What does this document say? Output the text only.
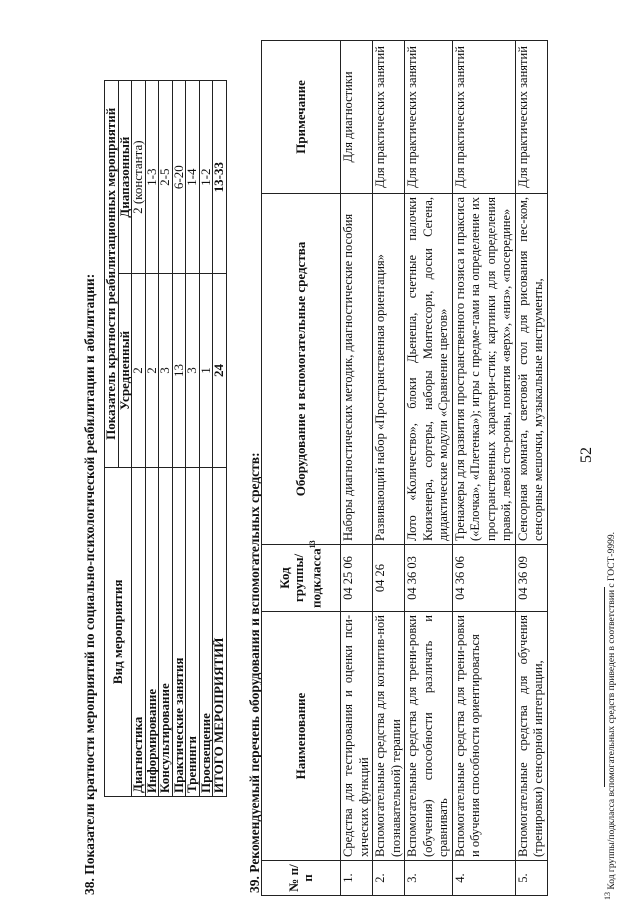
52
38. Показатели кратности мероприятий по социально-психологической реабилитации и абилитации: Вид мероприятия	Показатель кратности реабилитационных мероприятий	
	Усредненный	Диапазонный
Диагностика	2	2 (константа)
Информирование	2	1-3
Консультирование	3	2-5
Практические занятия	13	6-20
Тренинги	3	1-4
Просвещение	1	1-2
ИТОГО МЕРОПРИЯТИЙ	24	13-33
39. Рекомендуемый перечень оборудования и вспомогательных средств: № п/п	Наименование	Код группы/ подкласса$^{13}$	Оборудование и вспомогательные средства	Примечание
1.	Средства для тестирования и оценки пси-хических функций	04 25 06	Наборы диагностических методик, диагностические пособия	Для диагностики
2.	Вспомогательные средства для когнитив-ной (познавательной) терапии	04 26	Развивающий набор «Пространственная ориентация»	Для практических занятий
3.	Вспомогательные средства для трени-ровки (обучения) способности различать и сравнивать	04 36 03	Лото «Количество», блоки Дьенеша, счетные палочки Кюизенера, сортеры, наборы Монтессори, доски Сегена, дидактические модули «Сравнение цветов»	Для практических занятий
4.	Вспомогательные средства для трени-ровки и обучения способности ориентироваться	04 36 06	Тренажеры для развития пространственного гнозиса и праксиса («Елочка», «Плетенка»); игры с предме-тами на определение их пространственных характери-стик; картинки для определения правой, левой сто-роны, понятия «верх», «низ», «посередине»	Для практических занятий
5.	Вспомогательные средства для обучения (тренировки) сенсорной интеграции,	04 36 09	Сенсорная комната, световой стол для рисования пес-ком, сенсорные мешочки, музыкальные инструменты,	Для практических занятий
$^{13}$ Код группы/подкласса вспомогательных средств приведен в соответствии с ГОСТ-9999.
